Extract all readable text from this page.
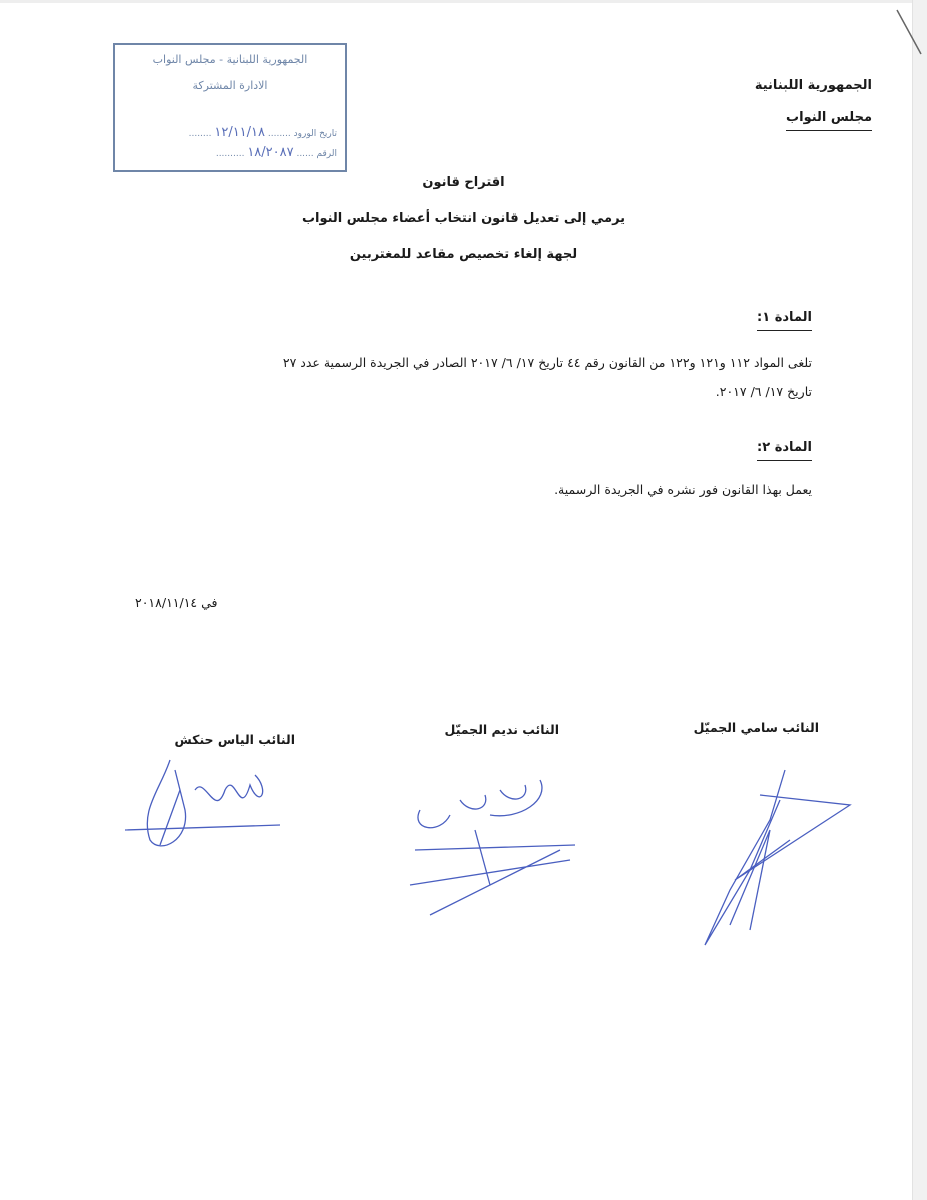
الجمهورية اللبنانية
مجلس النواب
الجمهورية اللبنانية - مجلس النواب
الادارة المشتركة
تاريخ الورود ........ ١٢/١١/١٨ ........
الرقم ...... ١٨/٢٠٨٧ ..........
اقتراح قانون
يرمي إلى تعديل قانون انتخاب أعضاء مجلس النواب
لجهة إلغاء تخصيص مقاعد للمغتربين
المادة ١:
تلغى المواد ١١٢ و١٢١ و١٢٢ من القانون رقم ٤٤ تاريخ ١٧/ ٦/ ٢٠١٧ الصادر في الجريدة الرسمية عدد ٢٧
تاريخ ١٧/ ٦/ ٢٠١٧.
المادة ٢:
يعمل بهذا القانون فور نشره في الجريدة الرسمية.
في ٢٠١٨/١١/١٤
النائب سامي الجميّل
النائب نديم الجميّل
النائب الياس حنكش
